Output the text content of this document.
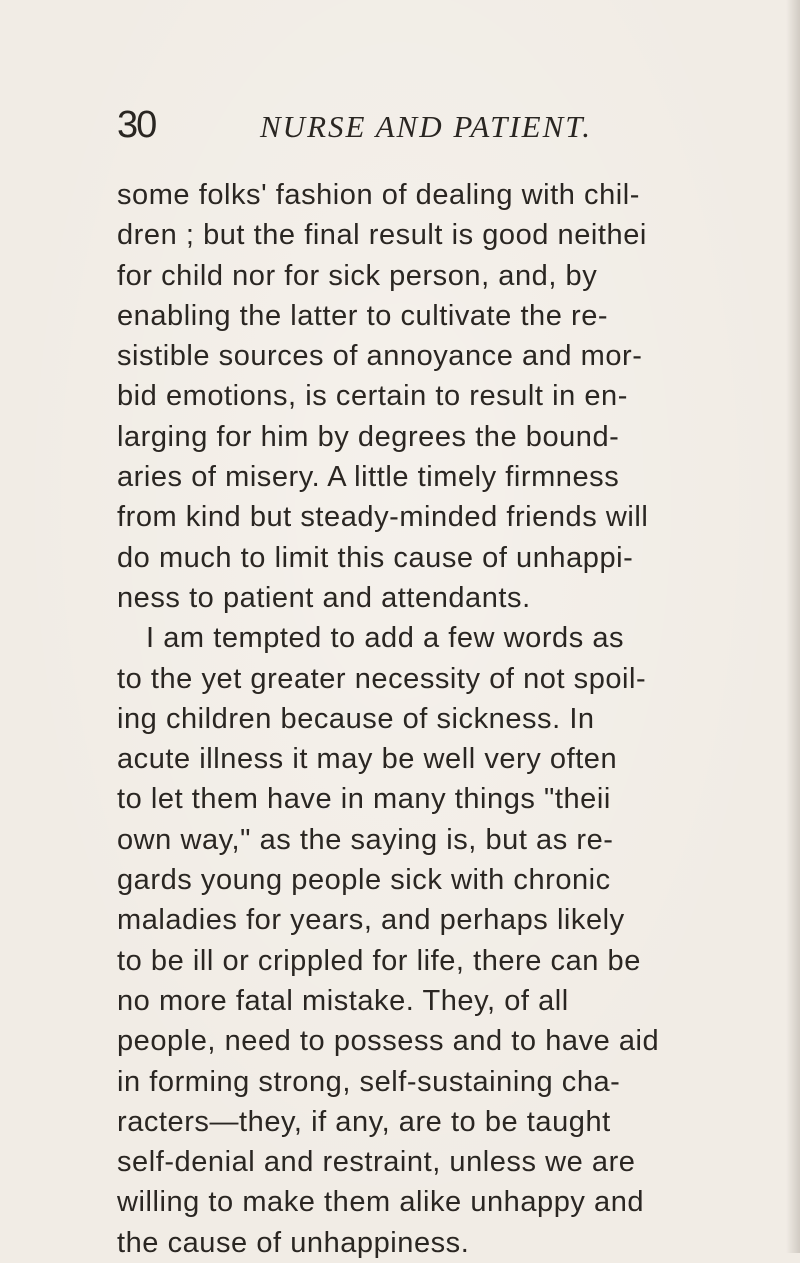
30	NURSE AND PATIENT.
some folks' fashion of dealing with chil-
dren ; but the final result is good neithei
for child nor for sick person, and, by
enabling the latter to cultivate the re-
sistible sources of annoyance and mor-
bid emotions, is certain to result in en-
larging for him by degrees the bound-
aries of misery. A little timely firmness
from kind but steady-minded friends will
do much to limit this cause of unhappi-
ness to patient and attendants.
I am tempted to add a few words as
to the yet greater necessity of not spoil-
ing children because of sickness. In
acute illness it may be well very often
to let them have in many things "theii
own way," as the saying is, but as re-
gards young people sick with chronic
maladies for years, and perhaps likely
to be ill or crippled for life, there can be
no more fatal mistake. They, of all
people, need to possess and to have aid
in forming strong, self-sustaining cha-
racters—they, if any, are to be taught
self-denial and restraint, unless we are
willing to make them alike unhappy and
the cause of unhappiness.
